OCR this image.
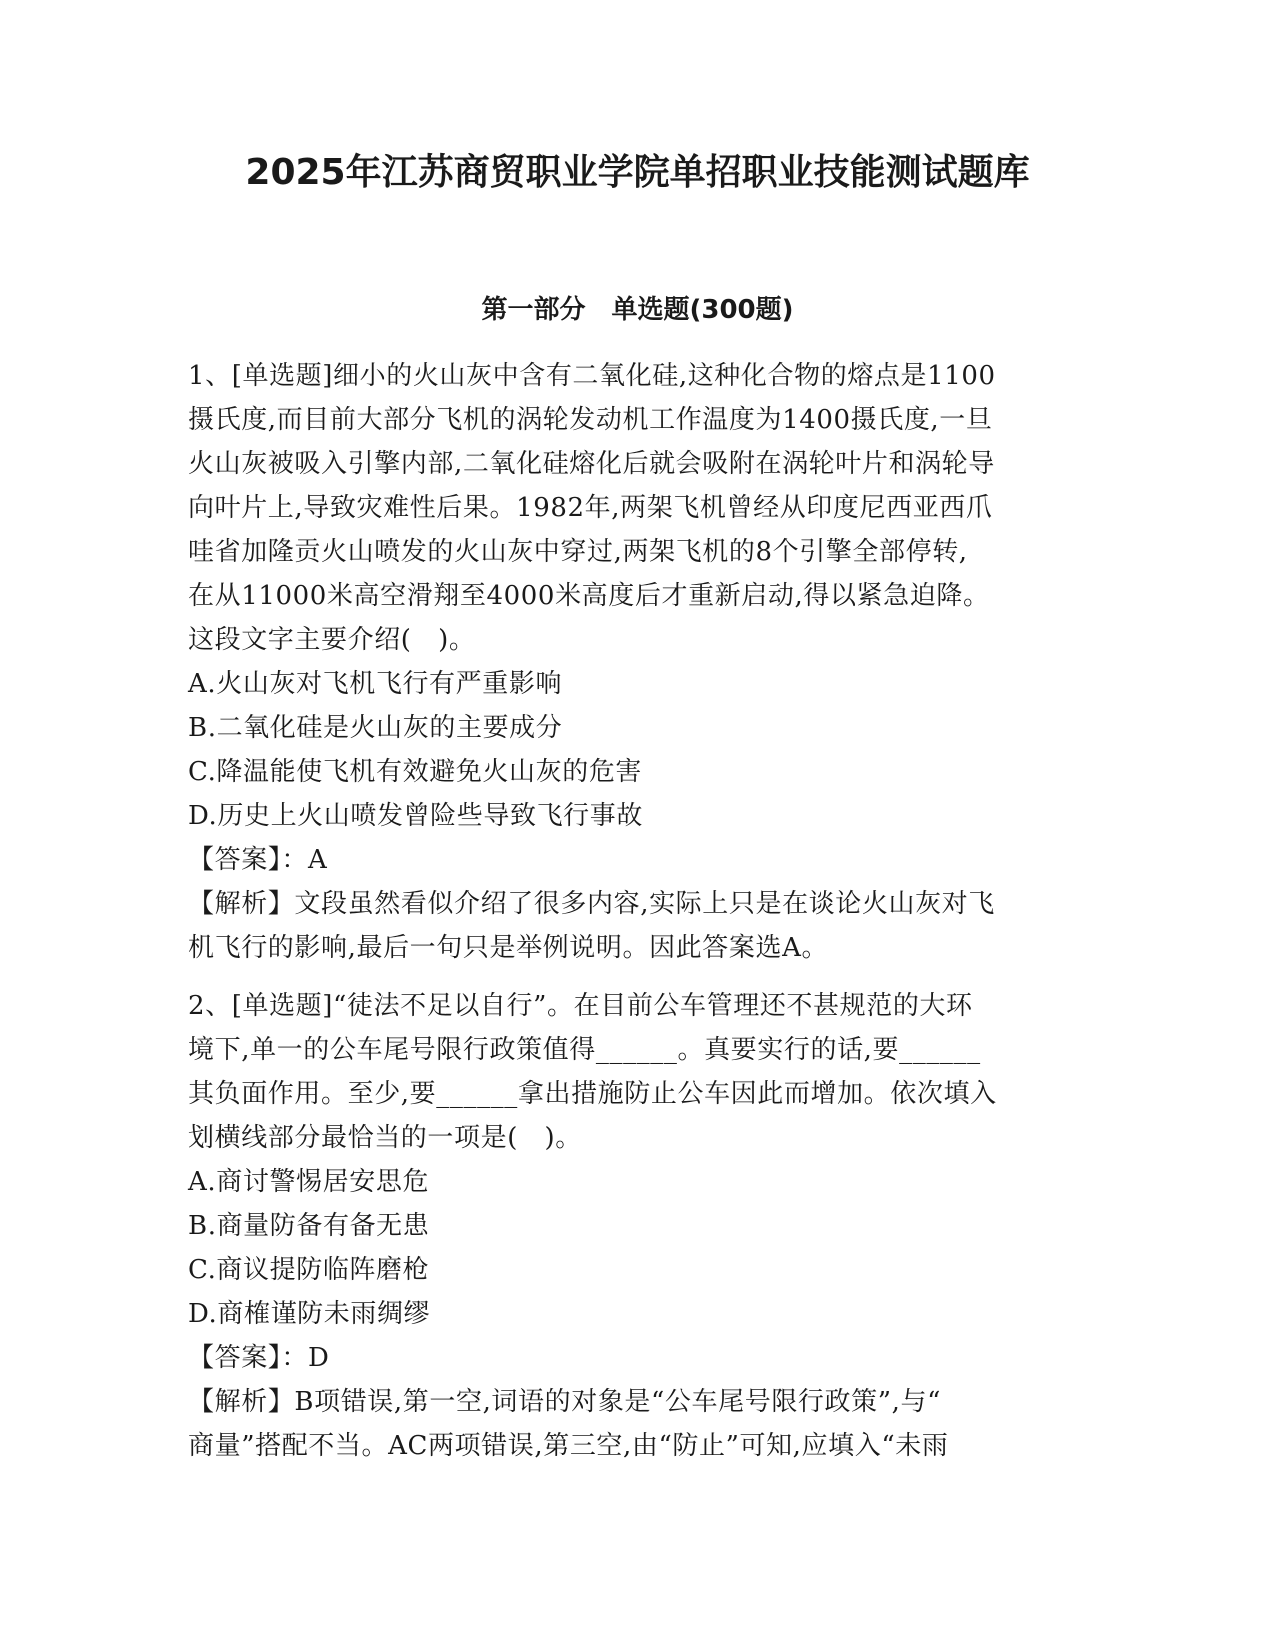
2025年江苏商贸职业学院单招职业技能测试题库
第一部分　单选题(300题)
1、[单选题]细小的火山灰中含有二氧化硅,这种化合物的熔点是1100
摄氏度,而目前大部分飞机的涡轮发动机工作温度为1400摄氏度,一旦
火山灰被吸入引擎内部,二氧化硅熔化后就会吸附在涡轮叶片和涡轮导
向叶片上,导致灾难性后果。1982年,两架飞机曾经从印度尼西亚西爪
哇省加隆贡火山喷发的火山灰中穿过,两架飞机的8个引擎全部停转,
在从11000米高空滑翔至4000米高度后才重新启动,得以紧急迫降。
这段文字主要介绍(　)。
A.火山灰对飞机飞行有严重影响
B.二氧化硅是火山灰的主要成分
C.降温能使飞机有效避免火山灰的危害
D.历史上火山喷发曾险些导致飞行事故
【答案】：A
【解析】文段虽然看似介绍了很多内容,实际上只是在谈论火山灰对飞
机飞行的影响,最后一句只是举例说明。因此答案选A。
2、[单选题]“徒法不足以自行”。在目前公车管理还不甚规范的大环
境下,单一的公车尾号限行政策值得______。真要实行的话,要______
其负面作用。至少,要______拿出措施防止公车因此而增加。依次填入
划横线部分最恰当的一项是(　)。
A.商讨警惕居安思危
B.商量防备有备无患
C.商议提防临阵磨枪
D.商榷谨防未雨绸缪
【答案】：D
【解析】B项错误,第一空,词语的对象是“公车尾号限行政策”,与“
商量”搭配不当。AC两项错误,第三空,由“防止”可知,应填入“未雨
